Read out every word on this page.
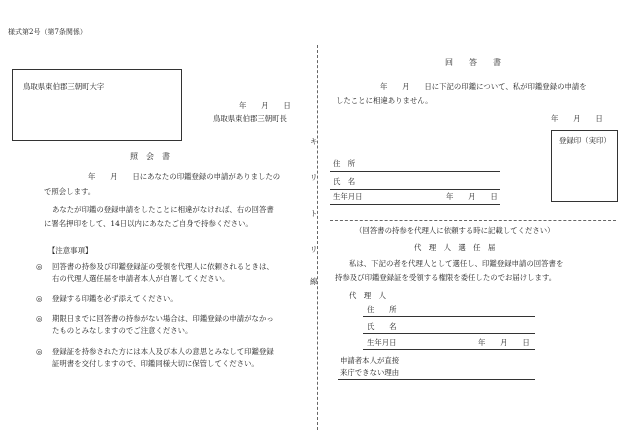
様式第2号（第7条関係）
鳥取県東伯郡三朝町大字
年　　月　　日
鳥取県東伯郡三朝町長
照　会　書
年　　月　　日にあなたの印鑑登録の申請がありましたの
で照会します。
あなたが印鑑の登録申請をしたことに相違がなければ、右の回答書
に署名押印をして、14日以内にあなたご自身で持参ください。
【注意事項】
◎ 回答書の持参及び印鑑登録証の受領を代理人に依頼されるときは、
右の代理人選任届を申請者本人が自署してください。
◎ 登録する印鑑を必ず添えてください。
◎ 期限日までに回答書の持参がない場合は、印鑑登録の申請がなかっ
たものとみなしますのでご注意ください。
◎ 登録証を持参された方には本人及び本人の意思とみなして印鑑登録
証明書を交付しますので、印鑑同様大切に保管してください。
キ
リ
ト
リ
線
回　　答　　書
年　　月　　日に下記の印鑑について、私が印鑑登録の申請を
したことに相違ありません。
年　　月　　日
登録印（実印）
住　所
氏　名
生年月日	年　　月　　日
（回答書の持参を代理人に依頼する時に記載してください）
代　理　人　選　任　届
私は、下記の者を代理人として選任し、印鑑登録申請の回答書を
持参及び印鑑登録証を受領する権限を委任したのでお届けします。
代　理　人
住　　所
氏　　名
生年月日	年　　月　　日
申請者本人が直接
来庁できない理由
